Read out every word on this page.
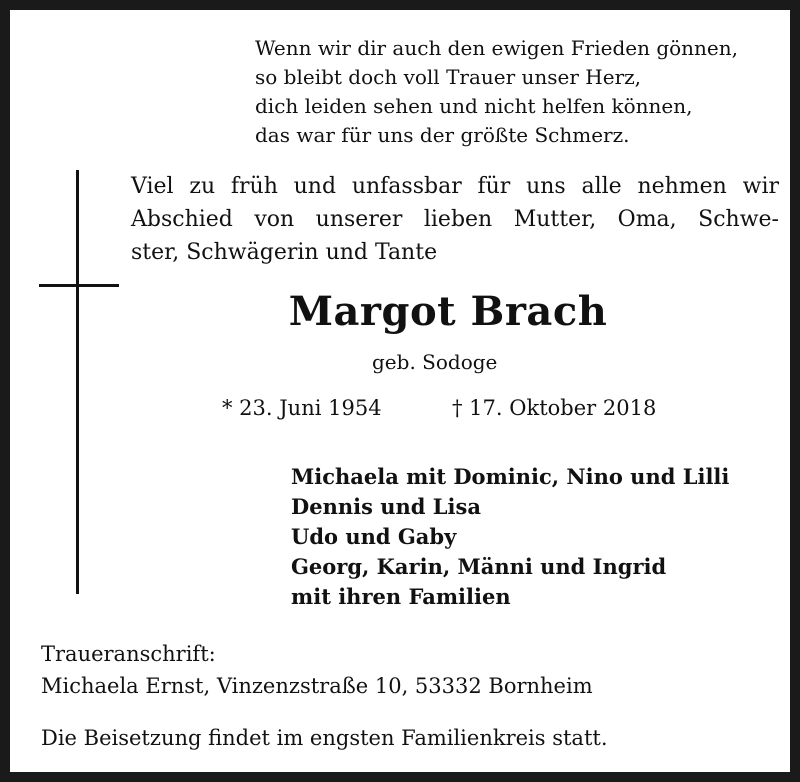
Wenn wir dir auch den ewigen Frieden gönnen,
so bleibt doch voll Trauer unser Herz,
dich leiden sehen und nicht helfen können,
das war für uns der größte Schmerz.
Viel zu früh und unfassbar für uns alle nehmen wir
Abschied von unserer lieben Mutter, Oma, Schwe-
ster, Schwägerin und Tante
Margot Brach
geb. Sodoge
* 23. Juni 1954	† 17. Oktober 2018
Michaela mit Dominic, Nino und Lilli
Dennis und Lisa
Udo und Gaby
Georg, Karin, Männi und Ingrid
mit ihren Familien
Traueranschrift:
Michaela Ernst, Vinzenzstraße 10, 53332 Bornheim
Die Beisetzung findet im engsten Familienkreis statt.
